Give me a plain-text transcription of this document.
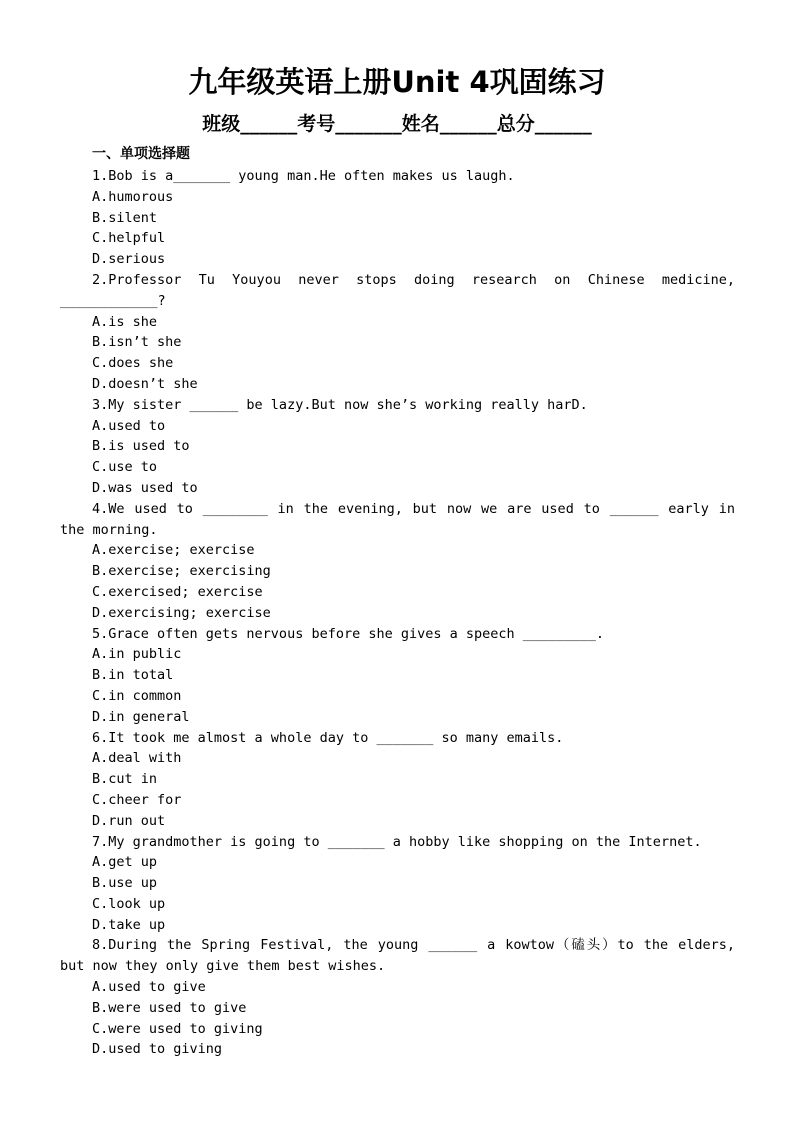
九年级英语上册Unit 4巩固练习
班级______考号_______姓名______总分______
一、单项选择题
1.Bob is a_______ young man.He often makes us laugh.
A.humorous
B.silent
C.helpful
D.serious
2.Professor Tu Youyou never stops doing research on Chinese medicine, ____________?
A.is she
B.isn’t she
C.does she
D.doesn’t she
3.My sister ______ be lazy.But now she’s working really harD.
A.used to
B.is used to
C.use to
D.was used to
4.We used to ________ in the evening, but now we are used to ______ early in the morning.
A.exercise; exercise
B.exercise; exercising
C.exercised; exercise
D.exercising; exercise
5.Grace often gets nervous before she gives a speech _________.
A.in public
B.in total
C.in common
D.in general
6.It took me almost a whole day to _______ so many emails.
A.deal with
B.cut in
C.cheer for
D.run out
7.My grandmother is going to _______ a hobby like shopping on the Internet.
A.get up
B.use up
C.look up
D.take up
8.During the Spring Festival, the young ______ a kowtow（磕头）to the elders, but now they only give them best wishes.
A.used to give
B.were used to give
C.were used to giving
D.used to giving
